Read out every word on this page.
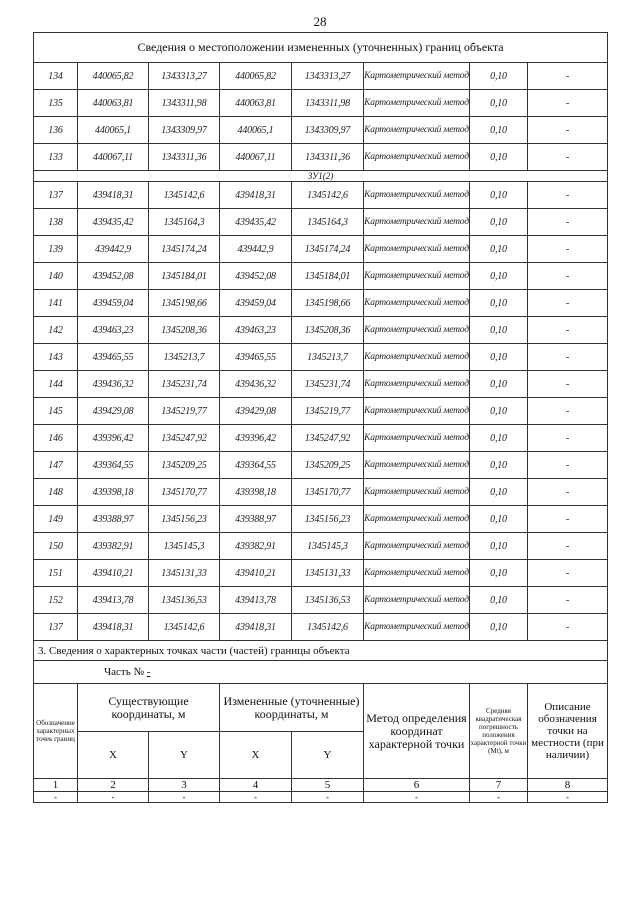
28
Сведения о местоположении измененных (уточненных) границ объекта							
134	440065,82	1343313,27	440065,82	1343313,27	Картометрический метод	0,10	-
135	440063,81	1343311,98	440063,81	1343311,98	Картометрический метод	0,10	-
136	440065,1	1343309,97	440065,1	1343309,97	Картометрический метод	0,10	-
133	440067,11	1343311,36	440067,11	1343311,36	Картометрический метод	0,10	-
ЗУ1(2)							
137	439418,31	1345142,6	439418,31	1345142,6	Картометрический метод	0,10	-
138	439435,42	1345164,3	439435,42	1345164,3	Картометрический метод	0,10	-
139	439442,9	1345174,24	439442,9	1345174,24	Картометрический метод	0,10	-
140	439452,08	1345184,01	439452,08	1345184,01	Картометрический метод	0,10	-
141	439459,04	1345198,66	439459,04	1345198,66	Картометрический метод	0,10	-
142	439463,23	1345208,36	439463,23	1345208,36	Картометрический метод	0,10	-
143	439465,55	1345213,7	439465,55	1345213,7	Картометрический метод	0,10	-
144	439436,32	1345231,74	439436,32	1345231,74	Картометрический метод	0,10	-
145	439429,08	1345219,77	439429,08	1345219,77	Картометрический метод	0,10	-
146	439396,42	1345247,92	439396,42	1345247,92	Картометрический метод	0,10	-
147	439364,55	1345209,25	439364,55	1345209,25	Картометрический метод	0,10	-
148	439398,18	1345170,77	439398,18	1345170,77	Картометрический метод	0,10	-
149	439388,97	1345156,23	439388,97	1345156,23	Картометрический метод	0,10	-
150	439382,91	1345145,3	439382,91	1345145,3	Картометрический метод	0,10	-
151	439410,21	1345131,33	439410,21	1345131,33	Картометрический метод	0,10	-
152	439413,78	1345136,53	439413,78	1345136,53	Картометрический метод	0,10	-
137	439418,31	1345142,6	439418,31	1345142,6	Картометрический метод	0,10	-
3. Сведения о характерных точках части (частей) границы объекта							
Часть № -							
Обозначение характерных точек границ	Существующие координаты, м		Измененные (уточненные) координаты, м		Метод определения координат характерной точки	Средняя квадратическая погрешность положения характерной точки (Mt), м	Описание обозначения точки на местности (при наличии)
	X	Y	X	Y			
1	2	3	4	5	6	7	8
-	-	-	-	-	-	-	-
